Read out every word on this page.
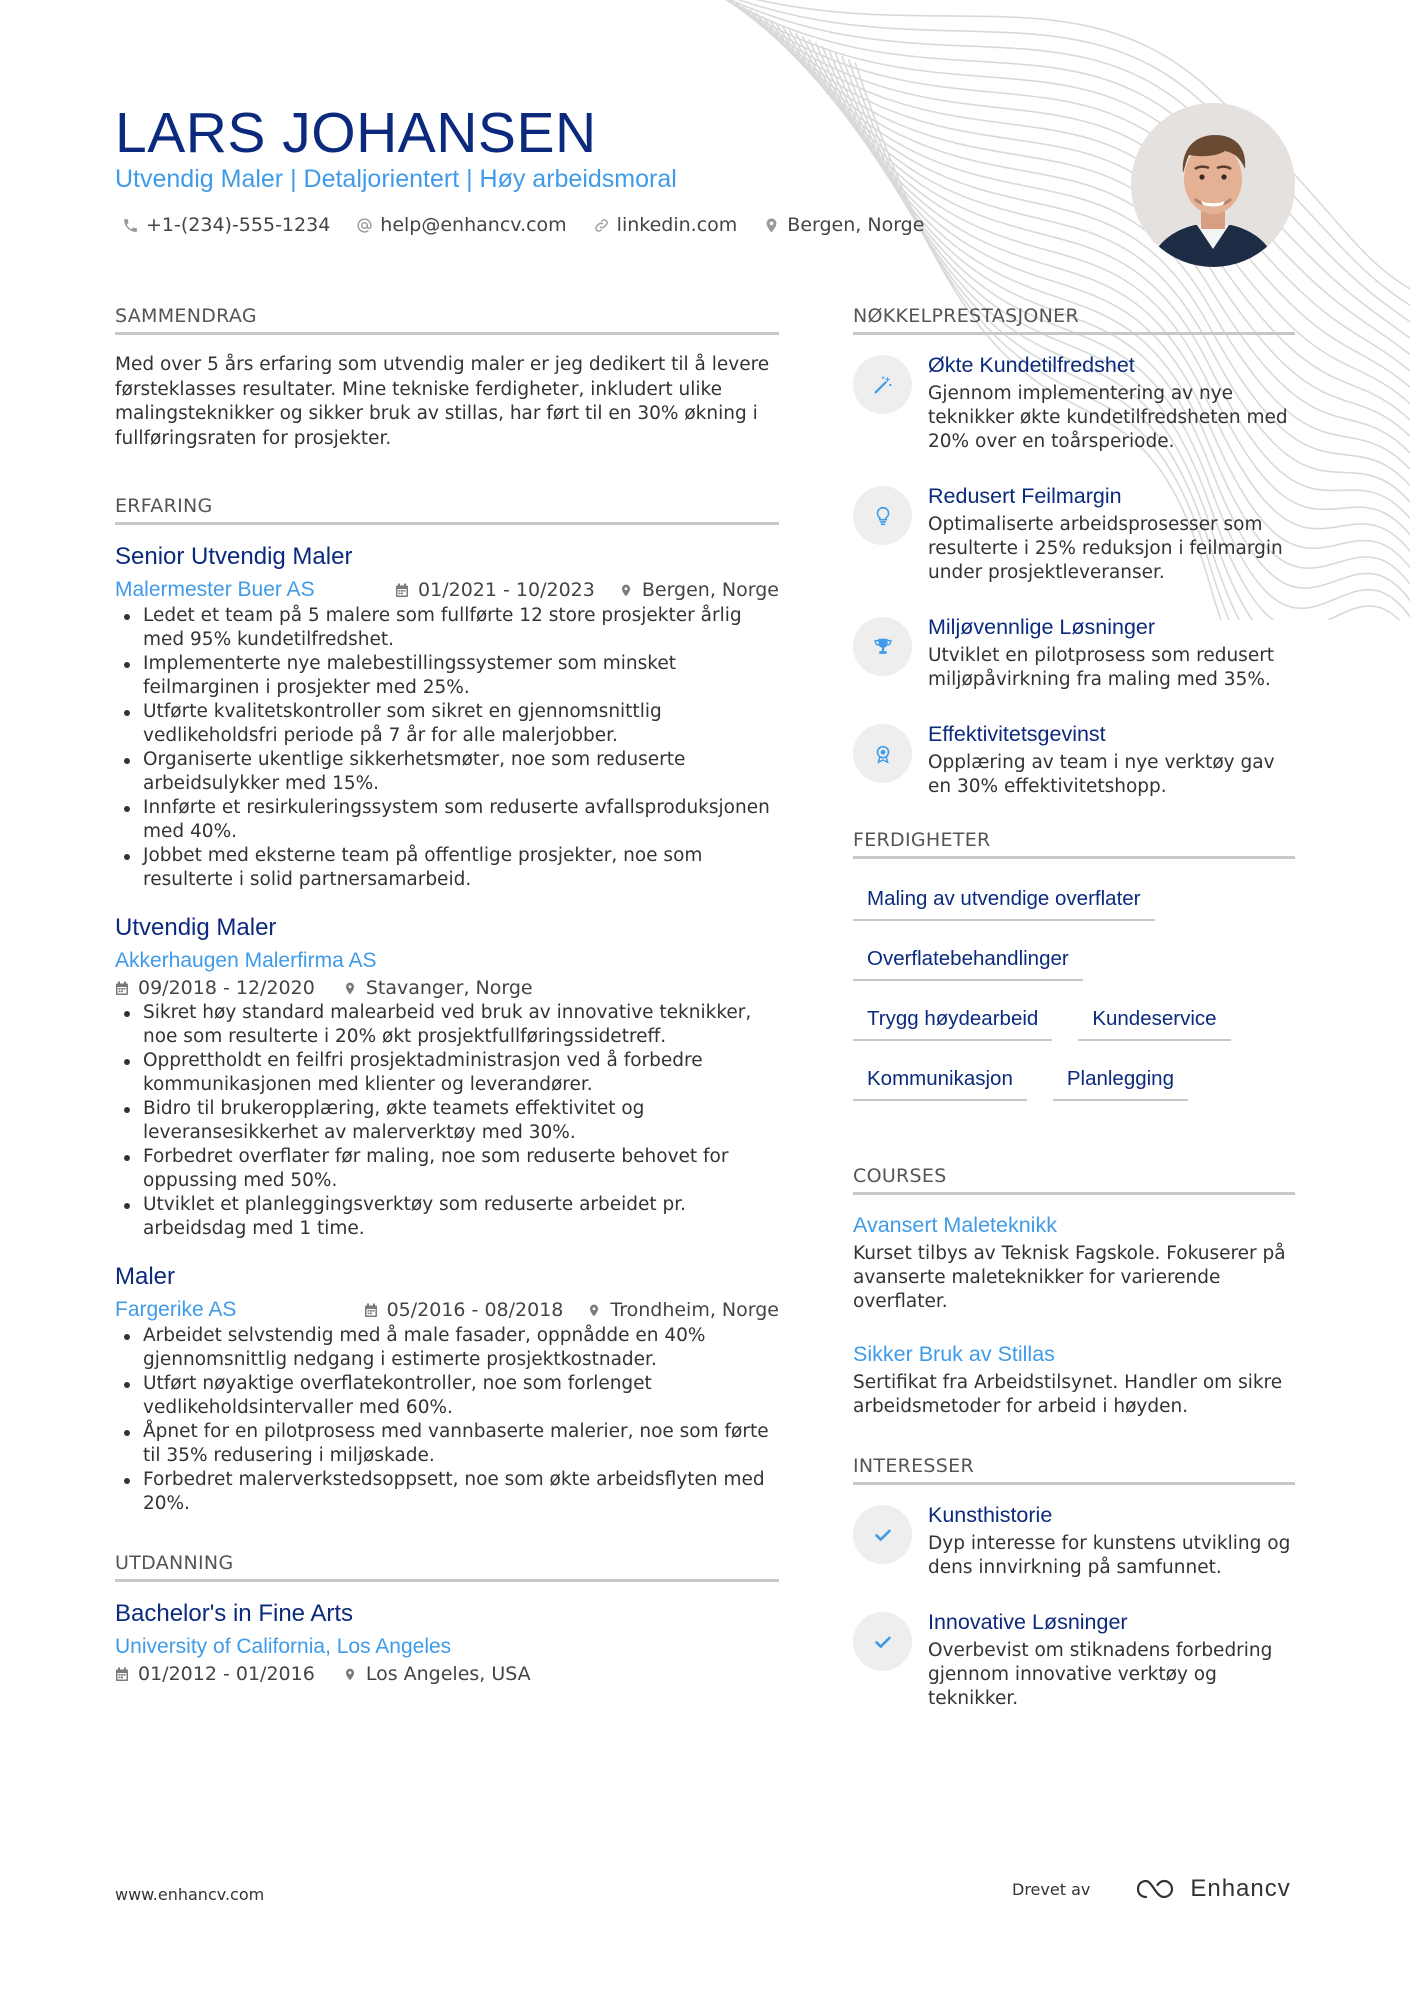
LARS JOHANSEN
Utvendig Maler | Detaljorientert | Høy arbeidsmoral
+1-(234)-555-1234	help@enhancv.com	linkedin.com	Bergen, Norge
SAMMENDRAG

Med over 5 års erfaring som utvendig maler er jeg dedikert til å levere førsteklasses resultater. Mine tekniske ferdigheter, inkludert ulike malingsteknikker og sikker bruk av stillas, har ført til en 30% økning i fullføringsraten for prosjekter.

ERFARING
Senior Utvendig Maler
Malermester Buer AS	01/2021 - 10/2023 Bergen, Norge
Ledet et team på 5 malere som fullførte 12 store prosjekter årlig med 95% kundetilfredshet.
Implementerte nye malebestillingssystemer som minsket feilmarginen i prosjekter med 25%.
Utførte kvalitetskontroller som sikret en gjennomsnittlig vedlikeholdsfri periode på 7 år for alle malerjobber.
Organiserte ukentlige sikkerhetsmøter, noe som reduserte arbeidsulykker med 15%.
Innførte et resirkuleringssystem som reduserte avfallsproduksjonen med 40%.
Jobbet med eksterne team på offentlige prosjekter, noe som resulterte i solid partnersamarbeid.
Utvendig Maler
Akkerhaugen Malerfirma AS
09/2018 - 12/2020	Stavanger, Norge
Sikret høy standard malearbeid ved bruk av innovative teknikker, noe som resulterte i 20% økt prosjektfullføringssidetreff.
Opprettholdt en feilfri prosjektadministrasjon ved å forbedre kommunikasjonen med klienter og leverandører.
Bidro til brukeropplæring, økte teamets effektivitet og leveransesikkerhet av malerverktøy med 30%.
Forbedret overflater før maling, noe som reduserte behovet for oppussing med 50%.
Utviklet et planleggingsverktøy som reduserte arbeidet pr. arbeidsdag med 1 time.
Maler
Fargerike AS	05/2016 - 08/2018 Trondheim, Norge
Arbeidet selvstendig med å male fasader, oppnådde en 40% gjennomsnittlig nedgang i estimerte prosjektkostnader.
Utført nøyaktige overflatekontroller, noe som forlenget vedlikeholdsintervaller med 60%.
Åpnet for en pilotprosess med vannbaserte malerier, noe som førte til 35% redusering i miljøskade.
Forbedret malerverkstedsoppsett, noe som økte arbeidsflyten med 20%.
UTDANNING
Bachelor's in Fine Arts
University of California, Los Angeles
01/2012 - 01/2016	Los Angeles, USA
NØKKELPRESTASJONER
Økte Kundetilfredshet
Gjennom implementering av nye teknikker økte kundetilfredsheten med 20% over en toårsperiode.
Redusert Feilmargin
Optimaliserte arbeidsprosesser som resulterte i 25% reduksjon i feilmargin under prosjektleveranser.
Miljøvennlige Løsninger
Utviklet en pilotprosess som redusert miljøpåvirkning fra maling med 35%.
Effektivitetsgevinst
Opplæring av team i nye verktøy gav en 30% effektivitetshopp.
FERDIGHETER
Maling av utvendige overflater
Overflatebehandlinger
Trygg høydearbeid	Kundeservice
Kommunikasjon	Planlegging
COURSES
Avansert Maleteknikk
Kurset tilbys av Teknisk Fagskole. Fokuserer på avanserte maleteknikker for varierende overflater.
Sikker Bruk av Stillas
Sertifikat fra Arbeidstilsynet. Handler om sikre arbeidsmetoder for arbeid i høyden.
INTERESSER
Kunsthistorie
Dyp interesse for kunstens utvikling og dens innvirkning på samfunnet.
Innovative Løsninger
Overbevist om stiknadens forbedring gjennom innovative verktøy og teknikker.
www.enhancv.com	Drevet av	Enhancv
